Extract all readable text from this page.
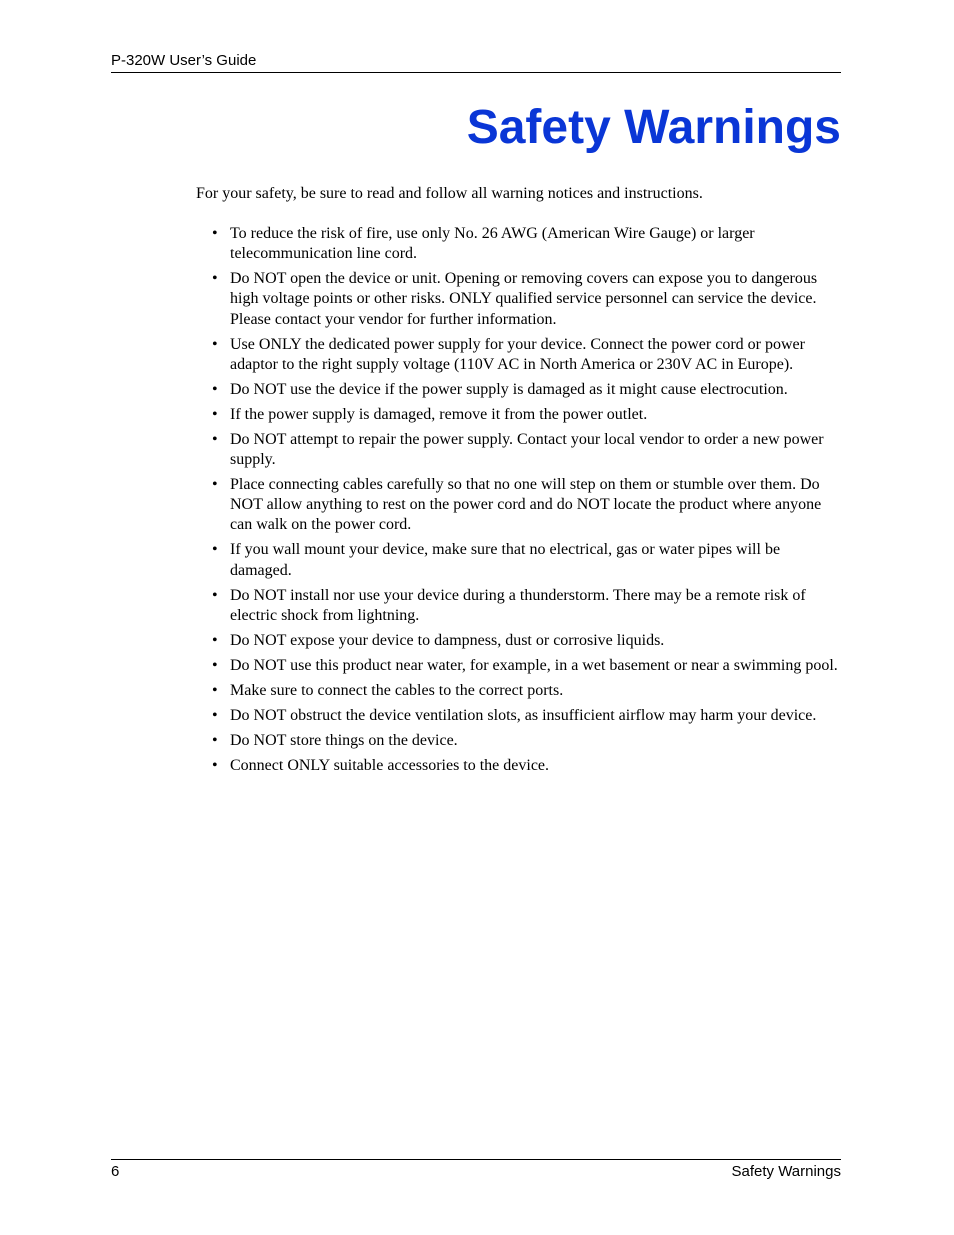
P-320W User’s Guide
Safety Warnings
For your safety, be sure to read and follow all warning notices and instructions.
• To reduce the risk of fire, use only No. 26 AWG (American Wire Gauge) or larger telecommunication line cord.
• Do NOT open the device or unit. Opening or removing covers can expose you to dangerous high voltage points or other risks. ONLY qualified service personnel can service the device. Please contact your vendor for further information.
• Use ONLY the dedicated power supply for your device. Connect the power cord or power adaptor to the right supply voltage (110V AC in North America or 230V AC in Europe).
• Do NOT use the device if the power supply is damaged as it might cause electrocution.
• If the power supply is damaged, remove it from the power outlet.
• Do NOT attempt to repair the power supply. Contact your local vendor to order a new power supply.
• Place connecting cables carefully so that no one will step on them or stumble over them. Do NOT allow anything to rest on the power cord and do NOT locate the product where anyone can walk on the power cord.
• If you wall mount your device, make sure that no electrical, gas or water pipes will be damaged.
• Do NOT install nor use your device during a thunderstorm. There may be a remote risk of electric shock from lightning.
• Do NOT expose your device to dampness, dust or corrosive liquids.
• Do NOT use this product near water, for example, in a wet basement or near a swimming pool.
• Make sure to connect the cables to the correct ports.
• Do NOT obstruct the device ventilation slots, as insufficient airflow may harm your device.
• Do NOT store things on the device.
• Connect ONLY suitable accessories to the device.
6	Safety Warnings
